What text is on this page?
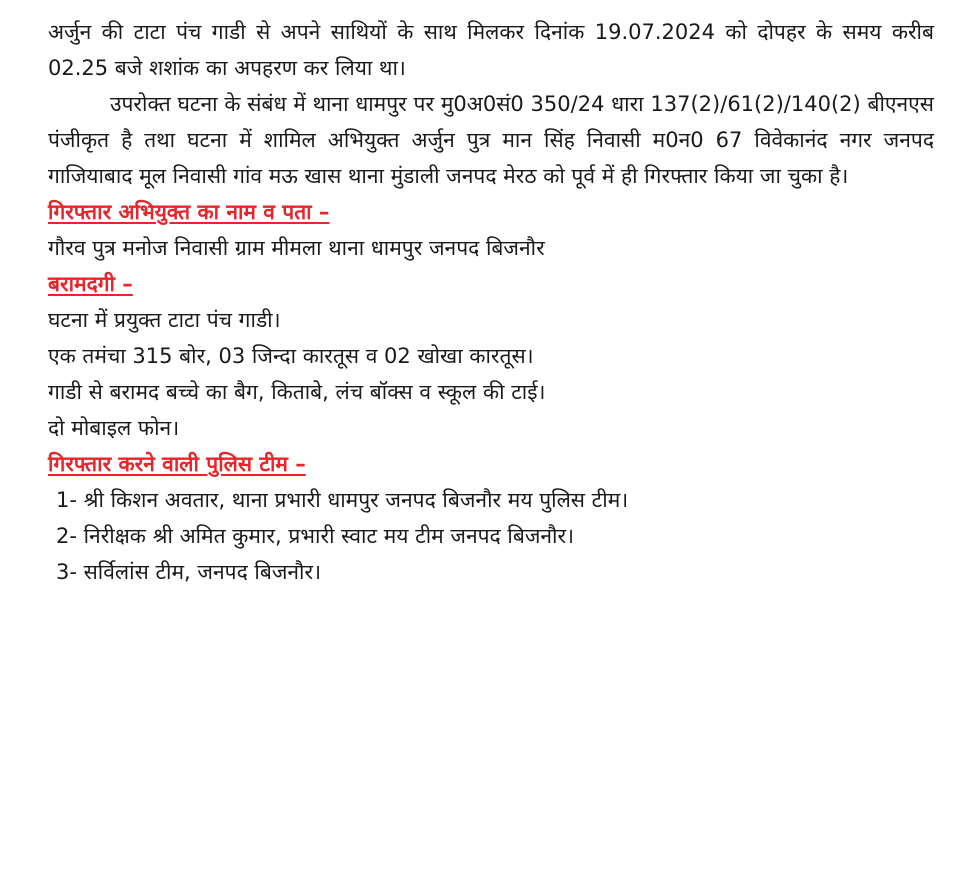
अर्जुन की टाटा पंच गाडी से अपने साथियों के साथ मिलकर दिनांक 19.07.2024 को दोपहर के समय करीब 02.25 बजे शशांक का अपहरण कर लिया था।

उपरोक्त घटना के संबंध में थाना धामपुर पर मु0अ0सं0 350/24 धारा 137(2)/61(2)/140(2) बीएनएस पंजीकृत है तथा घटना में शामिल अभियुक्त अर्जुन पुत्र मान सिंह निवासी म0न0 67 विवेकानंद नगर जनपद गाजियाबाद मूल निवासी गांव मऊ खास थाना मुंडाली जनपद मेरठ को पूर्व में ही गिरफ्तार किया जा चुका है।

गिरफ्तार अभियुक्त का नाम व पता –

गौरव पुत्र मनोज निवासी ग्राम मीमला थाना धामपुर जनपद बिजनौर

बरामदगी –

घटना में प्रयुक्त टाटा पंच गाडी।

एक तमंचा 315 बोर, 03 जिन्दा कारतूस व 02 खोखा कारतूस।

गाडी से बरामद बच्चे का बैग, किताबे, लंच बॉक्स व स्कूल की टाई।

दो मोबाइल फोन।

गिरफ्तार करने वाली पुलिस टीम –

1- श्री किशन अवतार, थाना प्रभारी धामपुर जनपद बिजनौर मय पुलिस टीम।

2- निरीक्षक श्री अमित कुमार, प्रभारी स्वाट मय टीम जनपद बिजनौर।

3- सर्विलांस टीम, जनपद बिजनौर।
